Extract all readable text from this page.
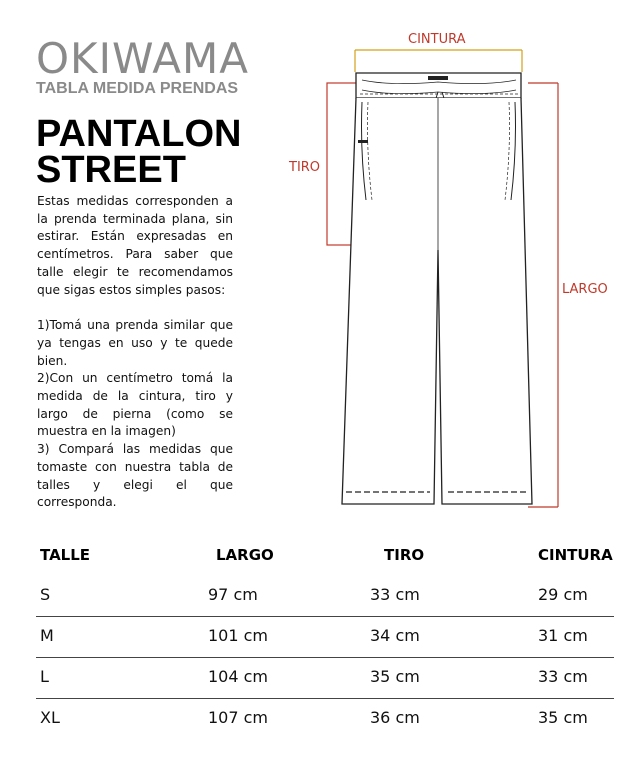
OKIWAMA
TABLA MEDIDA PRENDAS
PANTALON
STREET

Estas medidas corresponden a la prenda terminada plana, sin estirar. Están expresadas en centímetros. Para saber que talle elegir te recomendamos que sigas estos simples pasos:

1)Tomá una prenda similar que ya tengas en uso y te quede bien.

2)Con un centímetro tomá la medida de la cintura, tiro y largo de pierna (como se muestra en la imagen)

3) Compará las medidas que tomaste con nuestra tabla de talles y elegi el que corresponda.

CINTURA
TIRO
LARGO
TALLE	LARGO	TIRO	CINTURA
S	97 cm	33 cm	29 cm
M	101 cm	34 cm	31 cm
L	104 cm	35 cm	33 cm
XL	107 cm	36 cm	35 cm
